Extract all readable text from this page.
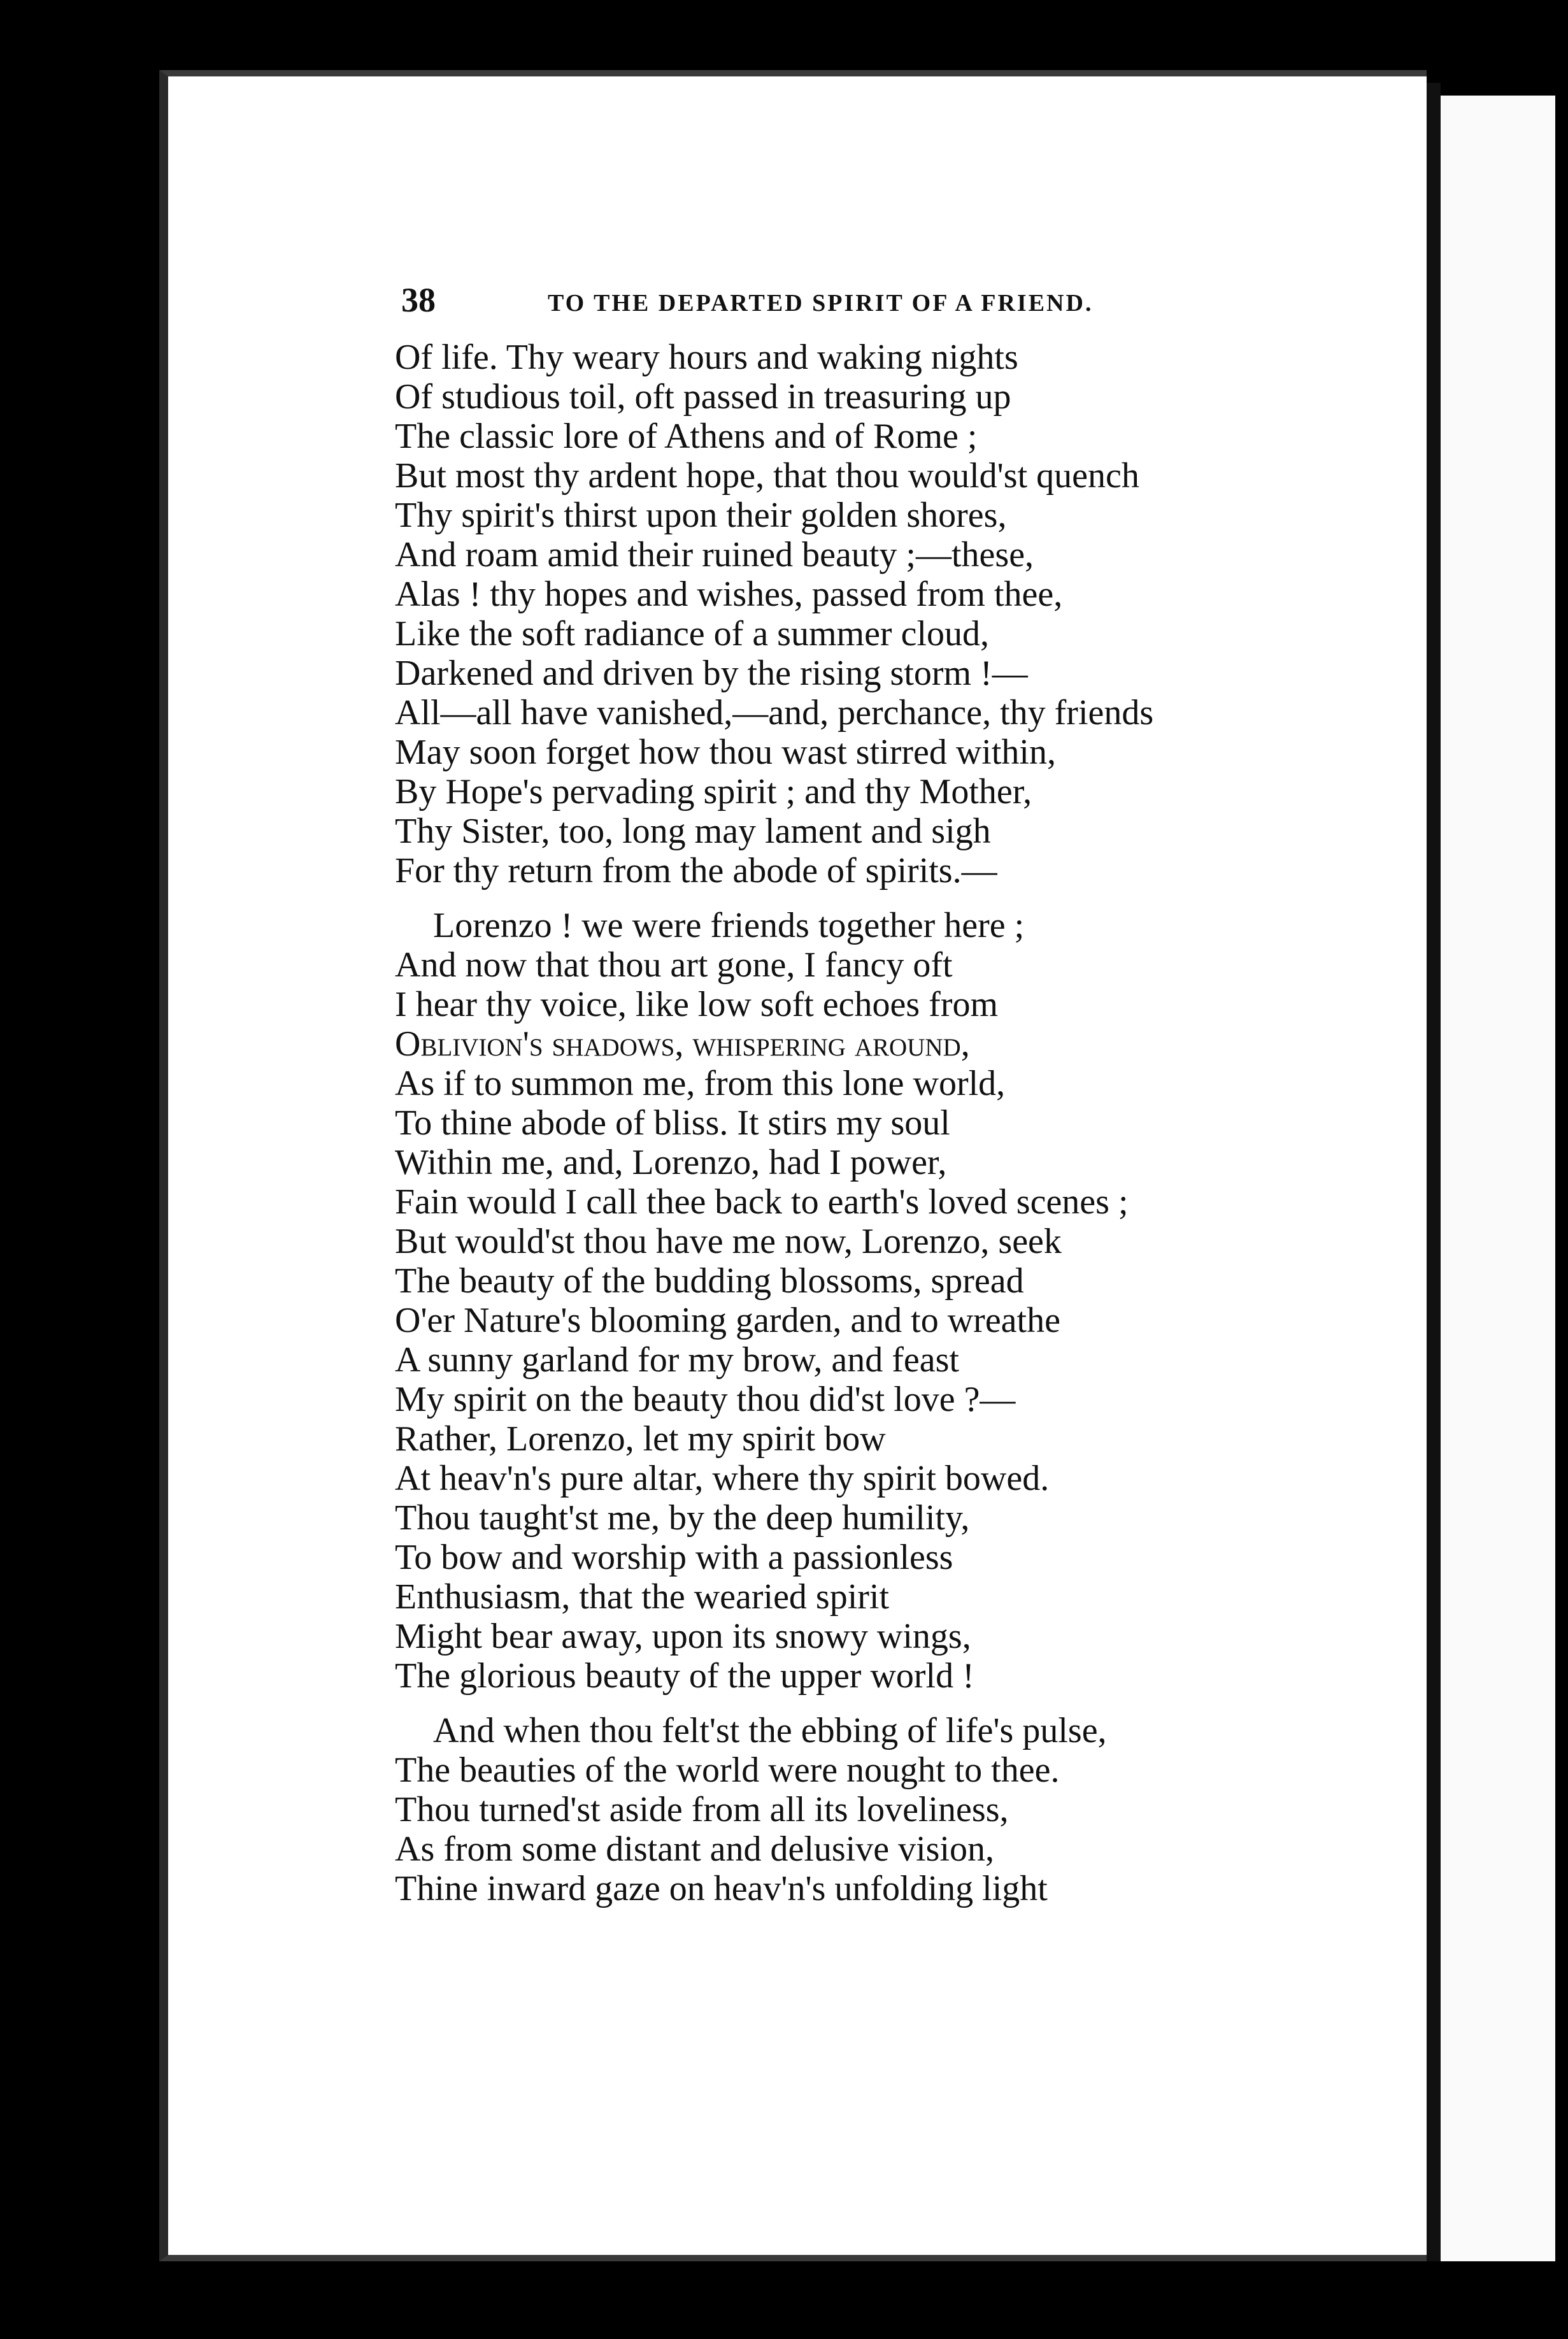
38	TO THE DEPARTED SPIRIT OF A FRIEND.
Of life. Thy weary hours and waking nights
Of studious toil, oft passed in treasuring up
The classic lore of Athens and of Rome ;
But most thy ardent hope, that thou would'st quench
Thy spirit's thirst upon their golden shores,
And roam amid their ruined beauty ;—these,
Alas ! thy hopes and wishes, passed from thee,
Like the soft radiance of a summer cloud,
Darkened and driven by the rising storm !—
All—all have vanished,—and, perchance, thy friends
May soon forget how thou wast stirred within,
By Hope's pervading spirit ; and thy Mother,
Thy Sister, too, long may lament and sigh
For thy return from the abode of spirits.—
Lorenzo ! we were friends together here ;
And now that thou art gone, I fancy oft
I hear thy voice, like low soft echoes from
Oblivion's shadows, whispering around,
As if to summon me, from this lone world,
To thine abode of bliss. It stirs my soul
Within me, and, Lorenzo, had I power,
Fain would I call thee back to earth's loved scenes ;
But would'st thou have me now, Lorenzo, seek
The beauty of the budding blossoms, spread
O'er Nature's blooming garden, and to wreathe
A sunny garland for my brow, and feast
My spirit on the beauty thou did'st love ?—
Rather, Lorenzo, let my spirit bow
At heav'n's pure altar, where thy spirit bowed.
Thou taught'st me, by the deep humility,
To bow and worship with a passionless
Enthusiasm, that the wearied spirit
Might bear away, upon its snowy wings,
The glorious beauty of the upper world !
And when thou felt'st the ebbing of life's pulse,
The beauties of the world were nought to thee.
Thou turned'st aside from all its loveliness,
As from some distant and delusive vision,
Thine inward gaze on heav'n's unfolding light
